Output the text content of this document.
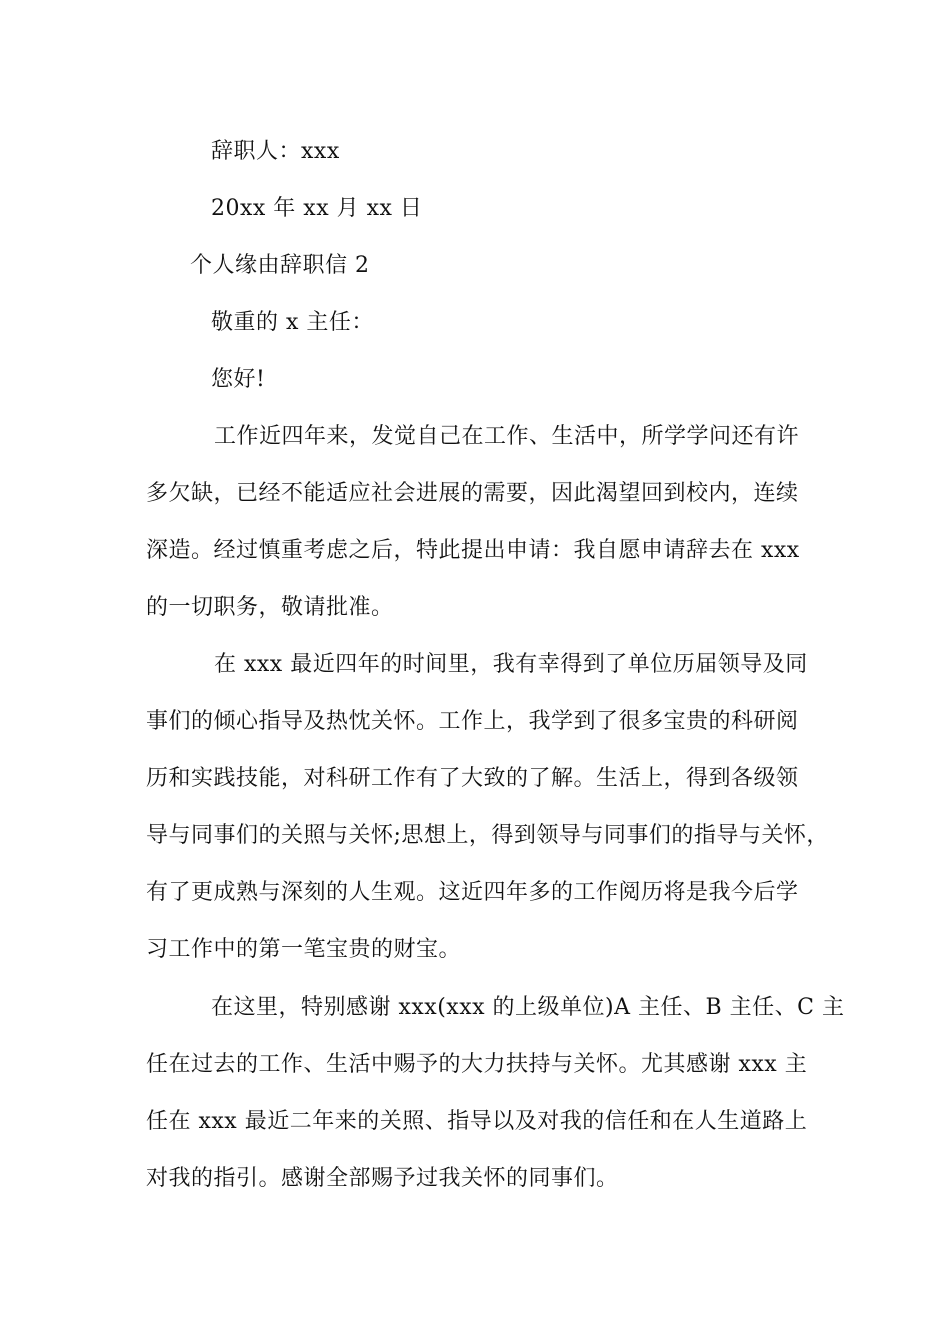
辞职人：xxx
20xx 年 xx 月 xx 日
个人缘由辞职信 2
敬重的 x 主任：
您好!
工作近四年来，发觉自己在工作、生活中，所学学问还有许
多欠缺，已经不能适应社会进展的需要，因此渴望回到校内，连续
深造。经过慎重考虑之后，特此提出申请：我自愿申请辞去在 xxx
的一切职务，敬请批准。
在 xxx 最近四年的时间里，我有幸得到了单位历届领导及同
事们的倾心指导及热忱关怀。工作上，我学到了很多宝贵的科研阅
历和实践技能，对科研工作有了大致的了解。生活上，得到各级领
导与同事们的关照与关怀;思想上，得到领导与同事们的指导与关怀，
有了更成熟与深刻的人生观。这近四年多的工作阅历将是我今后学
习工作中的第一笔宝贵的财宝。
在这里，特别感谢 xxx(xxx 的上级单位)A 主任、B 主任、C 主
任在过去的工作、生活中赐予的大力扶持与关怀。尤其感谢 xxx 主
任在 xxx 最近二年来的关照、指导以及对我的信任和在人生道路上
对我的指引。感谢全部赐予过我关怀的同事们。
